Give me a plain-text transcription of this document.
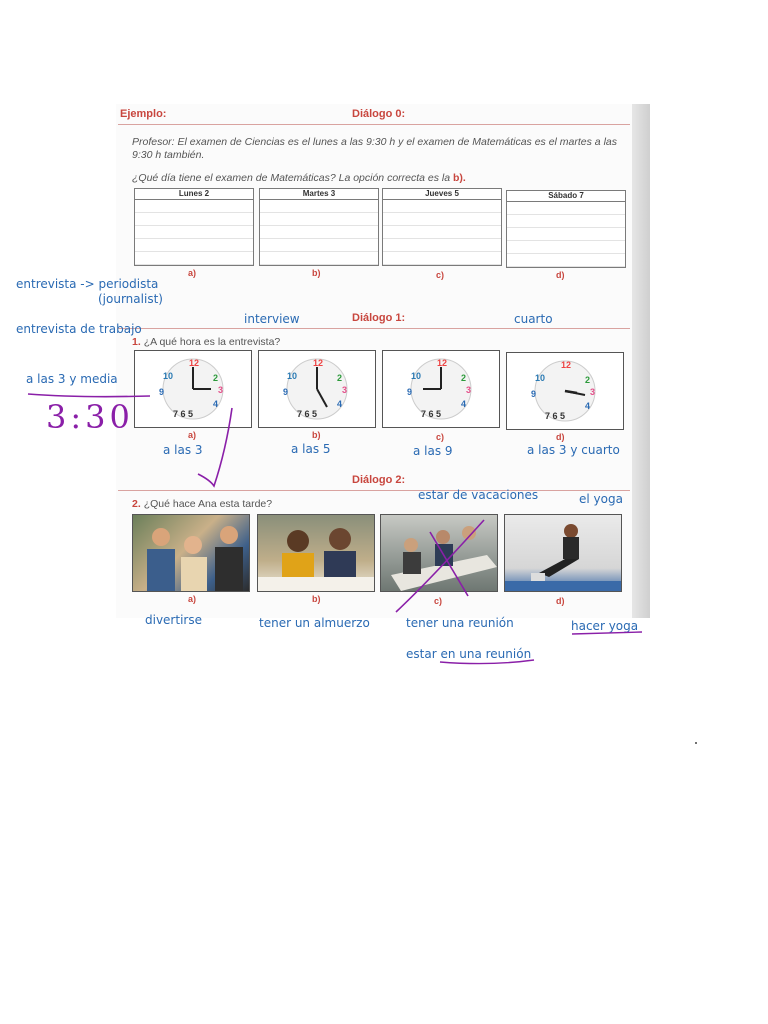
Ejemplo:	Diálogo 0:
Profesor: El examen de Ciencias es el lunes a las 9:30 h y el examen de Matemáticas es el martes a las 9:30 h también.
¿Qué día tiene el examen de Matemáticas? La opción correcta es la b).
Lunes 2	Martes 3	Jueves 5	Sábado 7
a)	b)	c)	d)
Diálogo 1:
1. ¿A qué hora es la entrevista?
12
10	2
3
4
7 6 5
9
12
10	2
3
4
7 6 5
9
12
10	2
3
4
7 6 5
9
12
10	2
3
4
7 6 5
9
a)	b)	c)	d)
Diálogo 2:
2. ¿Qué hace Ana esta tarde?
a)	b)	c)	d)
entrevista -> periodista
(journalist)
entrevista de trabajo
interview	cuarto
a las 3 y media
3:30
a las 3	a las 5	a las 9	a las 3 y cuarto
estar de vacaciones	el yoga
divertirse	tener un almuerzo	tener una reunión	hacer yoga
estar en una reunión
